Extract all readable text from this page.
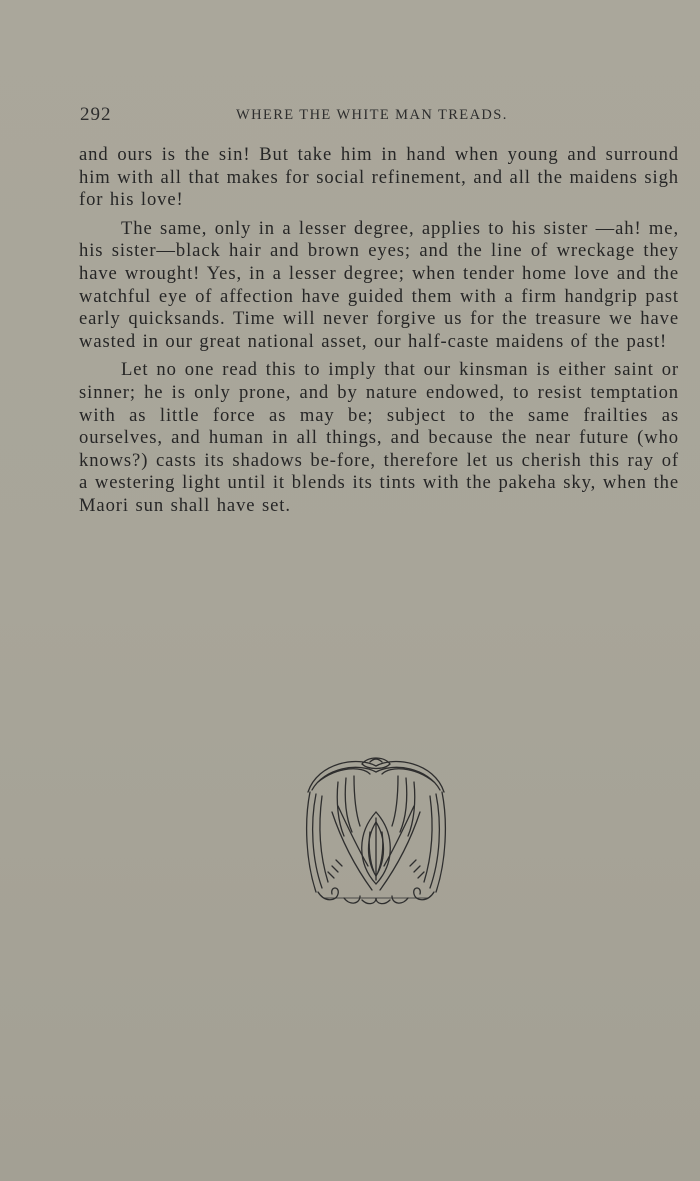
292	WHERE THE WHITE MAN TREADS.

and ours is the sin! But take him in hand when young and surround him with all that makes for social refinement, and all the maidens sigh for his love!

The same, only in a lesser degree, applies to his sister —ah! me, his sister—black hair and brown eyes; and the line of wreckage they have wrought! Yes, in a lesser degree; when tender home love and the watchful eye of affection have guided them with a firm handgrip past early quicksands. Time will never forgive us for the treasure we have wasted in our great national asset, our half-caste maidens of the past!

Let no one read this to imply that our kinsman is either saint or sinner; he is only prone, and by nature endowed, to resist temptation with as little force as may be; subject to the same frailties as ourselves, and human in all things, and because the near future (who knows?) casts its shadows be-fore, therefore let us cherish this ray of a westering light until it blends its tints with the pakeha sky, when the Maori sun shall have set.
